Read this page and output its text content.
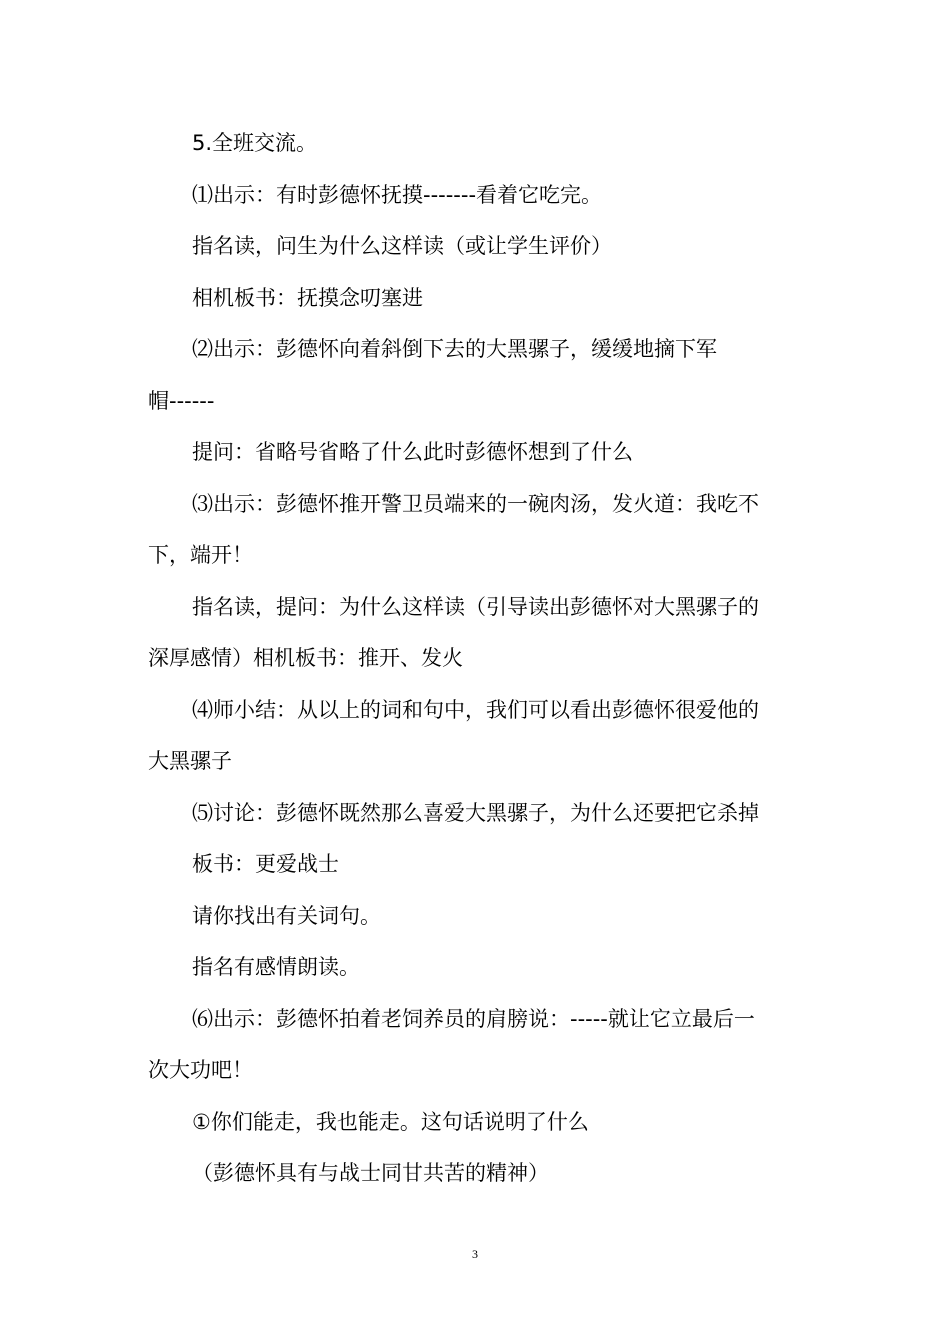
5.全班交流。
⑴出示：有时彭德怀抚摸-------看着它吃完。
指名读，问生为什么这样读（或让学生评价）
相机板书：抚摸念叨塞进
⑵出示：彭德怀向着斜倒下去的大黑骡子，缓缓地摘下军
帽------
提问：省略号省略了什么此时彭德怀想到了什么
⑶出示：彭德怀推开警卫员端来的一碗肉汤，发火道：我吃不
下，端开！
指名读，提问：为什么这样读（引导读出彭德怀对大黑骡子的
深厚感情）相机板书：推开、发火
⑷师小结：从以上的词和句中，我们可以看出彭德怀很爱他的
大黑骡子
⑸讨论：彭德怀既然那么喜爱大黑骡子，为什么还要把它杀掉
板书：更爱战士
请你找出有关词句。
指名有感情朗读。
⑹出示：彭德怀拍着老饲养员的肩膀说：-----就让它立最后一
次大功吧！
①你们能走，我也能走。这句话说明了什么
（彭德怀具有与战士同甘共苦的精神）
3
